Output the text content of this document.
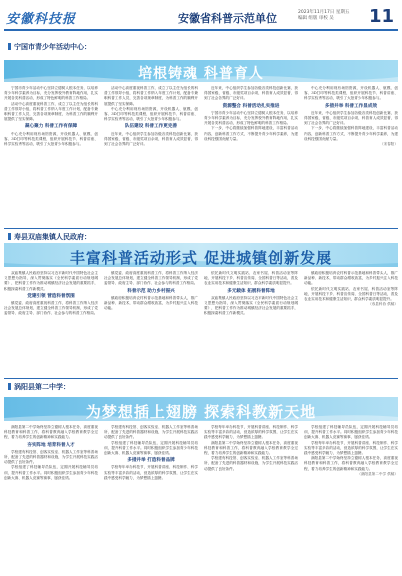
安徽科技报	安徽省科普示范单位	2023年11月17日 星期五
编辑 组版 审校 吴 11
宁国市青少年活动中心：
培根铸魂 科普育人

宁国市青少年活动中心坚持立德树人根本任务，以培养青少年科学素养为目标，充分发挥校外教育阵地作用，扎实开展各类科普活动，形成了特色鲜明的科普工作格局。

活动中心高度重视科普工作，成立了以主任为组长的科普工作领导小组，将科普工作纳入年度工作计划，配备专兼职科普工作人员，完善各项规章制度，为科普工作的顺利开展提供了坚实保障。

凝心聚力 科普工作有保障

中心充分利用现有场馆资源，开设机器人、航模、创客、3D打印等科技类课程，组织开展科技节、科普讲座、科学实验秀等活动，吸引了大批青少年积极参与。

活动中心高度重视科普工作，成立了以主任为组长的科普工作领导小组，将科普工作纳入年度工作计划，配备专兼职科普工作人员，完善各项规章制度，为科普工作的顺利开展提供了坚实保障。

中心充分利用现有场馆资源，开设机器人、航模、创客、3D打印等科技类课程，组织开展科技节、科普讲座、科学实验秀等活动，吸引了大批青少年积极参与。

队伍建设 科普工作更完善

近年来，中心组织学生参加各级各类科技创新比赛，获得国家级、省级、市级奖项百余项，科普育人成效显著，得到了社会各界的广泛好评。

近年来，中心组织学生参加各级各类科技创新比赛，获得国家级、省级、市级奖项百余项，科普育人成效显著，得到了社会各界的广泛好评。

资源整合 科普活动扎实推进

宁国市青少年活动中心坚持立德树人根本任务，以培养青少年科学素养为目标，充分发挥校外教育阵地作用，扎实开展各类科普活动，形成了特色鲜明的科普工作格局。

下一步，中心将继续加强科普阵地建设，丰富科普活动内容，创新科普工作方式，不断提升青少年科学素养，为建设科技强国贡献力量。

中心充分利用现有场馆资源，开设机器人、航模、创客、3D打印等科技类课程，组织开展科技节、科普讲座、科学实验秀等活动，吸引了大批青少年积极参与。

多措并举 科普工作显成效

近年来，中心组织学生参加各级各类科技创新比赛，获得国家级、省级、市级奖项百余项，科普育人成效显著，得到了社会各界的广泛好评。

下一步，中心将继续加强科普阵地建设，丰富科普活动内容，创新科普工作方式，不断提升青少年科学素养，为建设科技强国贡献力量。

（宋春阳）

寿县双庙集镇人民政府：
丰富科普活动形式 促进城镇创新发展

双庙集镇人民政府坚持以习近平新时代中国特色社会主义思想为指导，深入贯彻落实《全民科学素质行动规划纲要》，把科普工作作为推动城镇经济社会发展的重要抓手，积极探索科普工作新模式。

党建引领 营造科普氛围

镇党委、政府高度重视科普工作，将科普工作纳入经济社会发展总体规划，建立健全科普工作领导机制，形成了党委领导、政府主导、部门协作、社会参与的科普工作格局。

镇党委、政府高度重视科普工作，将科普工作纳入经济社会发展总体规划，建立健全科普工作领导机制，形成了党委领导、政府主导、部门协作、社会参与的科普工作格局。

科普示范 助力乡村振兴

镇政府积极培育农村科普示范基地和科普带头人，推广新品种、新技术，带动群众增收致富，为乡村振兴注入科技动能。

依托新时代文明实践站、农家书屋、科普活动室等阵地，开展科技下乡、科普宣传周、全国科普日等活动，普及农业实用技术和健康生活知识，群众科学素质明显提升。

多元载体 拓展科普阵地

双庙集镇人民政府坚持以习近平新时代中国特色社会主义思想为指导，深入贯彻落实《全民科学素质行动规划纲要》，把科普工作作为推动城镇经济社会发展的重要抓手，积极探索科普工作新模式。

镇政府积极培育农村科普示范基地和科普带头人，推广新品种、新技术，带动群众增收致富，为乡村振兴注入科技动能。

依托新时代文明实践站、农家书屋、科普活动室等阵地，开展科技下乡、科普宣传周、全国科普日等活动，普及农业实用技术和健康生活知识，群众科学素质明显提升。

（寿县科协 供稿）

涡阳县第二中学：
为梦想插上翅膀 探索科教新天地

涡阳县第二中学始终坚持立德树人根本任务，高度重视科技教育和科普工作，将科普教育融入学校教育教学全过程，着力培养学生的创新精神和实践能力。

夯实阵地 培育科普人才

学校建有科技馆、创客实验室、机器人工作室等科普场所，配备了先进的科普器材和设施，为学生开展科技实践活动提供了良好条件。

学校组建了科技辅导员队伍，定期开展科技辅导员培训，提升科普工作水平。同时积极组织学生参加青少年科技创新大赛、机器人竞赛等赛事，屡获佳绩。

学校建有科技馆、创客实验室、机器人工作室等科普场所，配备了先进的科普器材和设施，为学生开展科技实践活动提供了良好条件。

学校组建了科技辅导员队伍，定期开展科技辅导员培训，提升科普工作水平。同时积极组织学生参加青少年科技创新大赛、机器人竞赛等赛事，屡获佳绩。

多措并举 打造科普品牌

学校每年举办科技节，开展科普讲座、科技制作、科学实验等丰富多彩的活动，营造浓厚的科学氛围，让学生在实践中感受科学魅力，为梦想插上翅膀。

学校每年举办科技节，开展科普讲座、科技制作、科学实验等丰富多彩的活动，营造浓厚的科学氛围，让学生在实践中感受科学魅力，为梦想插上翅膀。

涡阳县第二中学始终坚持立德树人根本任务，高度重视科技教育和科普工作，将科普教育融入学校教育教学全过程，着力培养学生的创新精神和实践能力。

学校建有科技馆、创客实验室、机器人工作室等科普场所，配备了先进的科普器材和设施，为学生开展科技实践活动提供了良好条件。

学校组建了科技辅导员队伍，定期开展科技辅导员培训，提升科普工作水平。同时积极组织学生参加青少年科技创新大赛、机器人竞赛等赛事，屡获佳绩。

学校每年举办科技节，开展科普讲座、科技制作、科学实验等丰富多彩的活动，营造浓厚的科学氛围，让学生在实践中感受科学魅力，为梦想插上翅膀。

涡阳县第二中学始终坚持立德树人根本任务，高度重视科技教育和科普工作，将科普教育融入学校教育教学全过程，着力培养学生的创新精神和实践能力。

（涡阳县第二中学 供稿）
